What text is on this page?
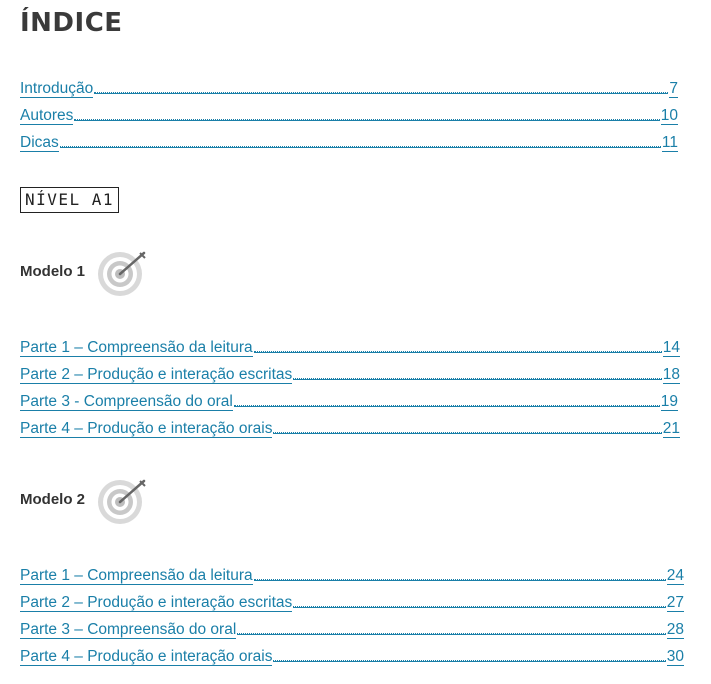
ÍNDICE
Introdução	7
Autores	10
Dicas	11
NÍVEL A1
Modelo 1
Parte 1 – Compreensão da leitura	14
Parte 2 – Produção e interação escritas	18
Parte 3 - Compreensão do oral	19
Parte 4 – Produção e interação orais	21
Modelo 2
Parte 1 – Compreensão da leitura	24
Parte 2 – Produção e interação escritas	27
Parte 3 – Compreensão do oral	28
Parte 4 – Produção e interação orais	30
